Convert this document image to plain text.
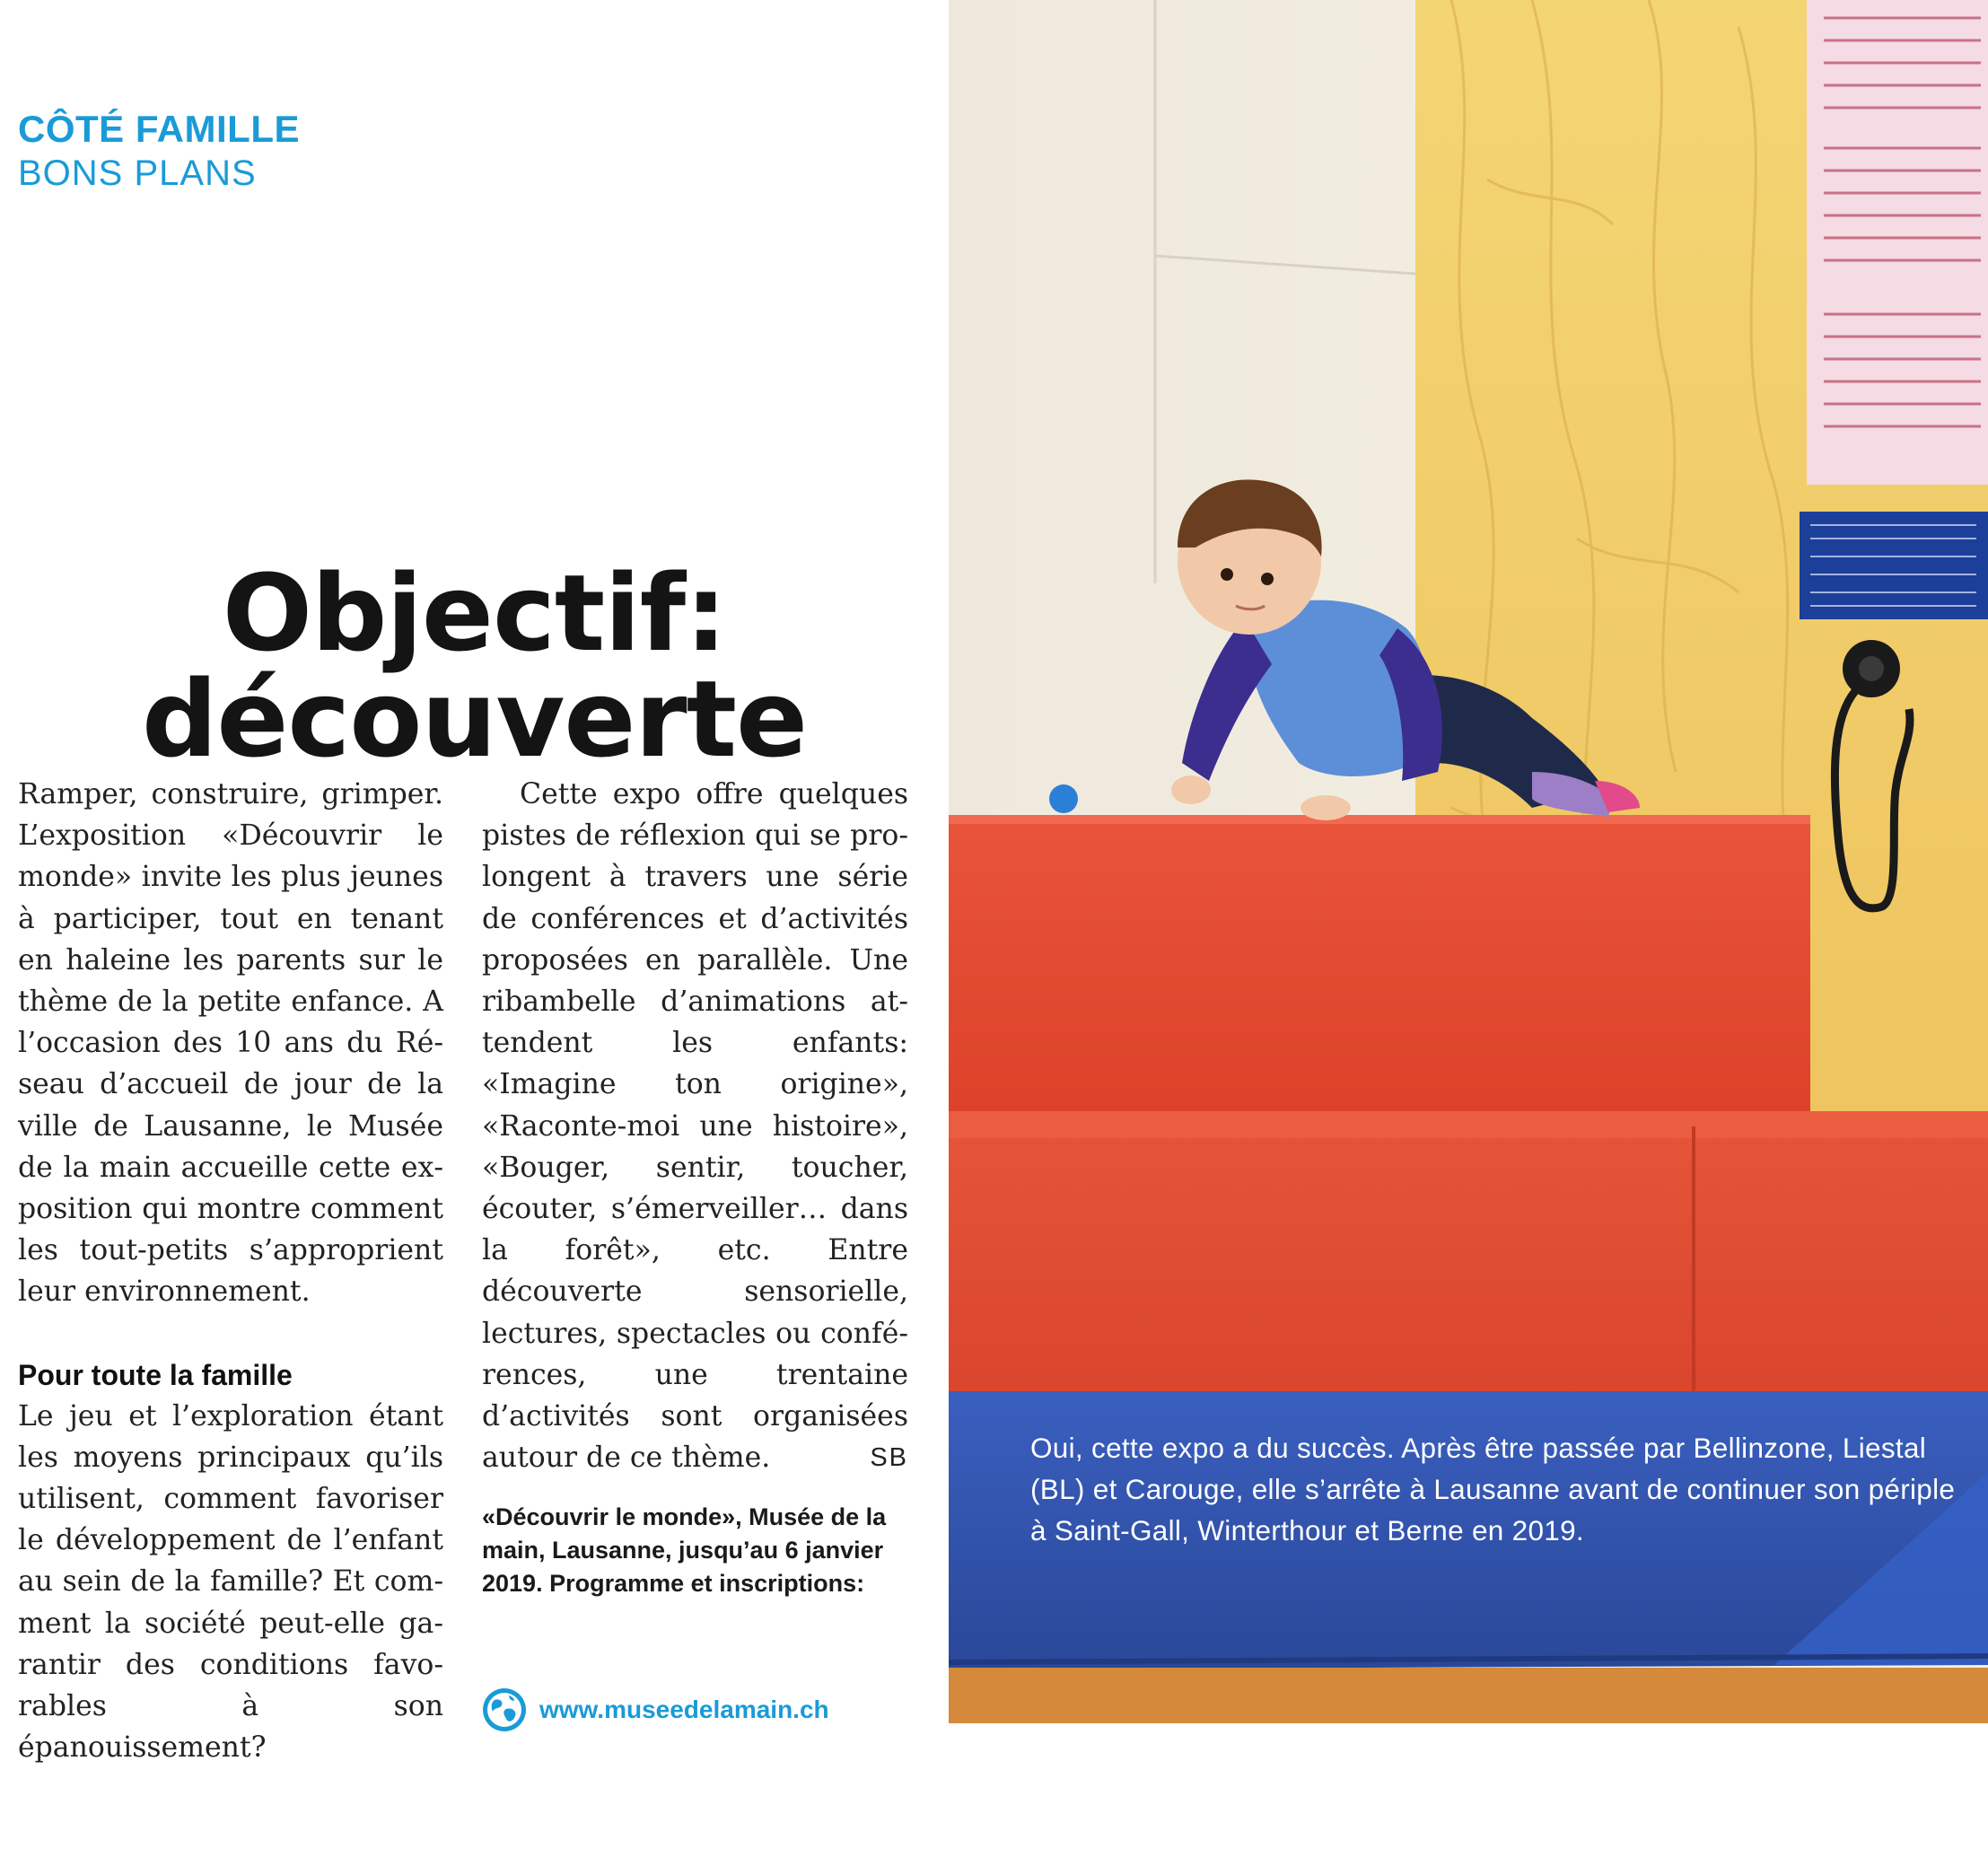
CÔTÉ FAMILLE
BONS PLANS
Objectif:
découverte

Ramper, construire, grimper. L’exposition «Découvrir le monde» invite les plus jeunes à participer, tout en tenant en haleine les parents sur le thème de la petite enfance. A l’occasion des 10 ans du Réseau d’accueil de jour de la ville de Lausanne, le Musée de la main accueille cette exposition qui montre comment les tout-petits s’approprient leur environnement.

Pour toute la famille

Le jeu et l’exploration étant les moyens principaux qu’ils utilisent, comment favoriser le développement de l’enfant au sein de la famille? Et comment la société peut-elle garantir des conditions favorables à son épanouissement?

Cette expo offre quelques pistes de réflexion qui se prolongent à travers une série de conférences et d’activités proposées en parallèle. Une ribambelle d’animations attendent les enfants: «Imagine ton origine», «Raconte-moi une histoire», «Bouger, sentir, toucher, écouter, s’émerveiller… dans la forêt», etc. Entre découverte sensorielle, lectures, spectacles ou conférences, une trentaine d’activités sont organisées autour de ce thème.	SB

«Découvrir le monde», Musée de la main, Lausanne, jusqu’au 6 janvier 2019. Programme et inscriptions:
www.museedelamain.ch
Oui, cette expo a du succès. Après être passée par Bellinzone, Liestal (BL) et Carouge, elle s’arrête à Lausanne avant de continuer son périple à Saint-Gall, Winterthour et Berne en 2019.
